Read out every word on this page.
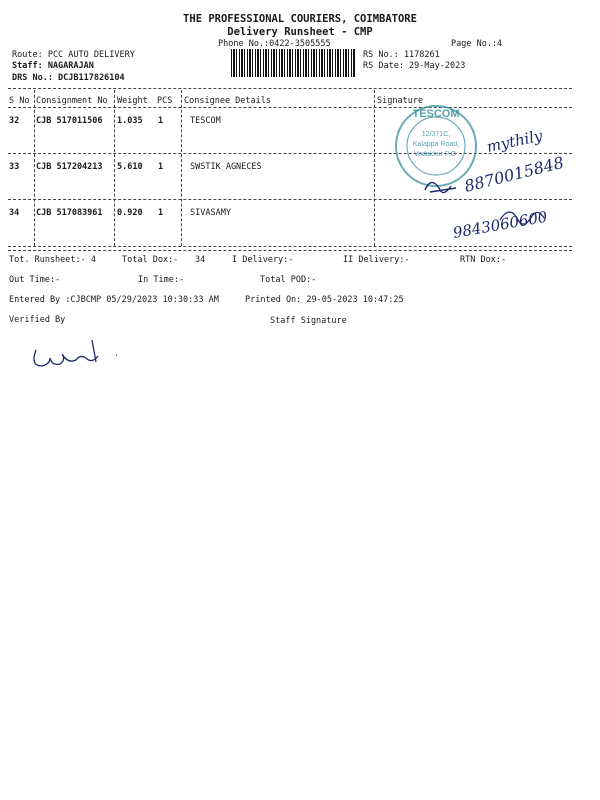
THE PROFESSIONAL COURIERS, COIMBATORE
Delivery Runsheet - CMP
Phone No.:0422-3505555	Page No.:4
Route: PCC AUTO DELIVERY
Staff: NAGARAJAN
DRS No.: DCJB117826104
RS No.: 1178261
RS Date: 29-May-2023
S No Consignment No Weight PCS Consignee Details	Signature
32 CJB 517011506 1.035 1	TESCOM
33 CJB 517204213 5.610 1	SWSTIK AGNECES
34 CJB 517083961 0.920 1	SIVASAMY
Tot. Runsheet:- 4	Total Dox:- 34	I Delivery:-	II Delivery:-	RTN Dox:-
Out Time:-	In Time:-	Total POD:-
Entered By :CJBCMP 05/29/2023 10:30:33 AM	Printed On: 29-05-2023 10:47:25
Verified By	Staff Signature
TESCOM
12/371C,
Kalappa Road,
Vadakkur P.O. mythily
8870015848
9843060600
